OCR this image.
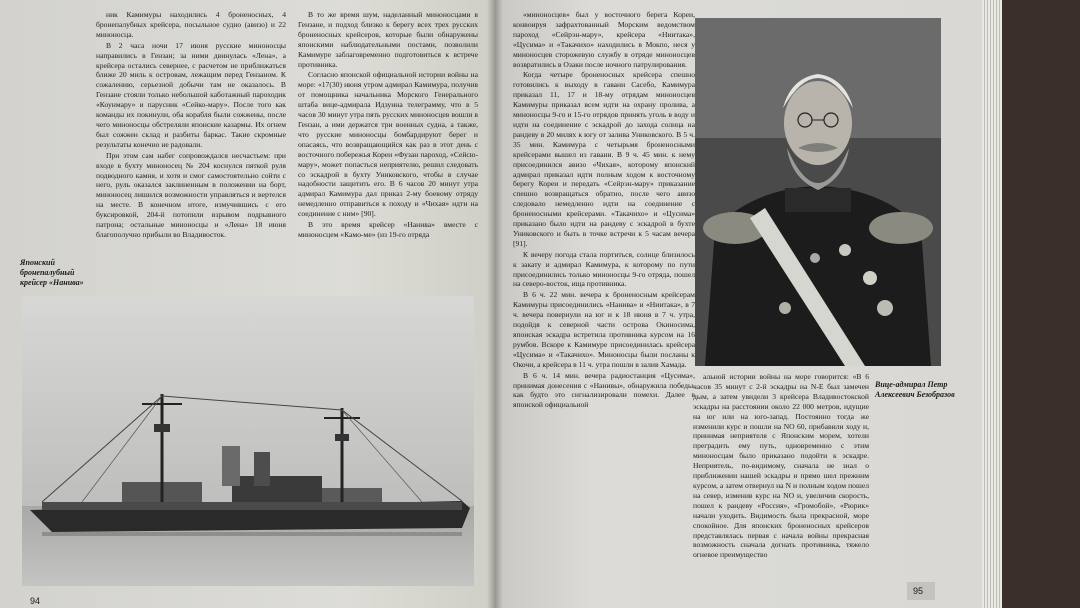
ник Камимуры находились 4 броненосных, 4 бронепалубных крейсера, посыльное судно (авизо) и 22 миноносца.

В 2 часа ночи 17 июня русские миноносцы направились в Гензан; за ними двинулась «Лена», а крейсера остались севернее, с расчетом не приближаться ближе 20 миль к островам, лежащим перед Гензаном. К сожалению, серьезной добычи там не оказалось. В Гензане стояли только небольшой каботажный пароходик «Коунмару» и парусник «Сейко-мару». После того как команды их покинули, оба корабля были сожжены, после чего миноносцы обстреляли японские казармы. Их огнем был сожжен склад и разбиты баркас. Такие скромные результаты конечно не радовали.

При этом сам набег сопровождался несчастьем: при входе в бухту миноносец № 204 коснулся пяткой руля подводного камня, и хотя и смог самостоятельно сойти с него, руль оказался заклиненным в положении на борт, миноносец лишился возможности управляться и вертелся на месте. В конечном итоге, измучившись с его буксировкой, 204-й потопили взрывом подрывного патрона; остальные миноносцы и «Лена» 18 июня благополучно прибыли во Владивосток.

Японский бронепалубный крейсер «Нанива»

В то же время шум, наделанный миноносцами в Гензане, и подход близко к берегу всех трех русских броненосных крейсеров, которые были обнаружены японскими наблюдательными постами, позволили Камимуре заблаговременно подготовиться к встрече противника.

Согласно японской официальной истории войны на море: «17(30) июня утром адмирал Камимура, получив от помощника начальника Морского Генерального штаба вице-адмирала Идзуина телеграмму, что в 5 часов 30 минут утра пять русских миноносцев вошли в Гензан, а ими держатся три военных судна, а также, что русские миноносцы бомбардируют берег и опасаясь, что возвращающийся как раз в этот день с восточного побережья Кореи «Фузан пароход, «Сейсю-мару», может попасться неприятелю, решил следовать со эскадрой в бухту Униковского, чтобы в случае надобности защитить его. В 6 часов 20 минут утра адмирал Камимура дал приказ 2-му боевому отряду немедленно отправиться к походу и «Чихая» идти на соединение с ним» [90].

В это время крейсер «Нанива» вместе с миноносцем «Камо-ме» (из 19-го отряда

94

«миноносцев» был у восточного берега Кореи, конвоируя зафрахтованный Морским ведомством пароход «Сейрэн-мару», крейсера «Ниитака», «Цусима» и «Такачихо» находились в Мокпо, неся у миноносцев сторожевую службу в отряде миноносцев возвратились в Озаки после ночного патрулирования.

Когда четыре броненосных крейсера спешно готовились к выходу в гавани Сасебо, Камимура приказал 11, 17 и 18-му отрядам миноносцев Камимуры приказал всем идти на охрану пролива, а миноносцы 9-го и 15-го отрядов принять уголь в воду и идти на соединение с эскадрой до захода солнца на рандеву в 20 милях к югу от залива Униковского. В 5 ч. 35 мин. Камимура с четырьмя броненосными крейсерами вышел из гавани. В 9 ч. 45 мин. к нему присоединился авизо «Чихая», которому японский адмирал приказал идти полным ходом к восточному берегу Кореи и передать «Сейрэн-мару» приказание спешно возвращаться обратно, после чего авизо следовало немедленно идти на соединение с броненосными крейсерами. «Такачихо» и «Цусима» приказано было идти на рандеву с эскадрой в бухте Униковского и быть в точке встречи к 5 часам вечера [91].

К вечеру погода стала портиться, солнце близилось к закату и адмирал Камимура, к которому по пути присоединились только миноносцы 9-го отряда, пошел на северо-восток, ища противника.

В 6 ч. 22 мин. вечера к броненосным крейсерам Камимуры присоединились «Нанива» и «Ниитака», в 7 ч. вечера повернули на юг и к 18 июня в 7 ч. утра, подойдя к северной части острова Окиносима, японская эскадра встретила противника курсом на 16 румбов. Вскоре к Камимуре присоединилась крейсера «Цусима» и «Такачихо». Миноносцы были посланы к Окочи, а крейсера в 11 ч. утра пошли в залив Хамада.

В 6 ч. 14 мин. вечера радиостанция «Цусима», принимая донесения с «Нанивы», обнаружила победы, как будто это сигнализировали помехи. Далее в японской официальной

Вице-адмирал Петр Алексеевич Безобразов

альной истории войны на море говорится: «В 6 часов 35 минут с 2-й эскадры на N-E был замечен дым, а затем увидели 3 крейсера Владивостокской эскадры на расстоянии около 22 000 метров, идущие на юг или на юго-запад. Постоянно тогда же изменили курс и пошли на NO 60, прибавили ходу и, принимая неприятеля с Японским морем, хотели преградить ему путь, одновременно с этим миноносцам было приказано подойти к эскадре. Неприятель, по-видимому, сначала не знал о приближении нашей эскадры и прямо шел прежним курсом, а затем отвернул на N и полным ходом пошел на север, изменив курс на NO и, увеличив скорость, пошел к рандеву «Россия», «Громобой», «Рюрик» начали уходить. Видимость была прекрасной, море спокойное. Для японских броненосных крейсеров представлялась первая с начала войны прекрасная возможность сначала догнать противника, тяжело огневое преимущество

95
